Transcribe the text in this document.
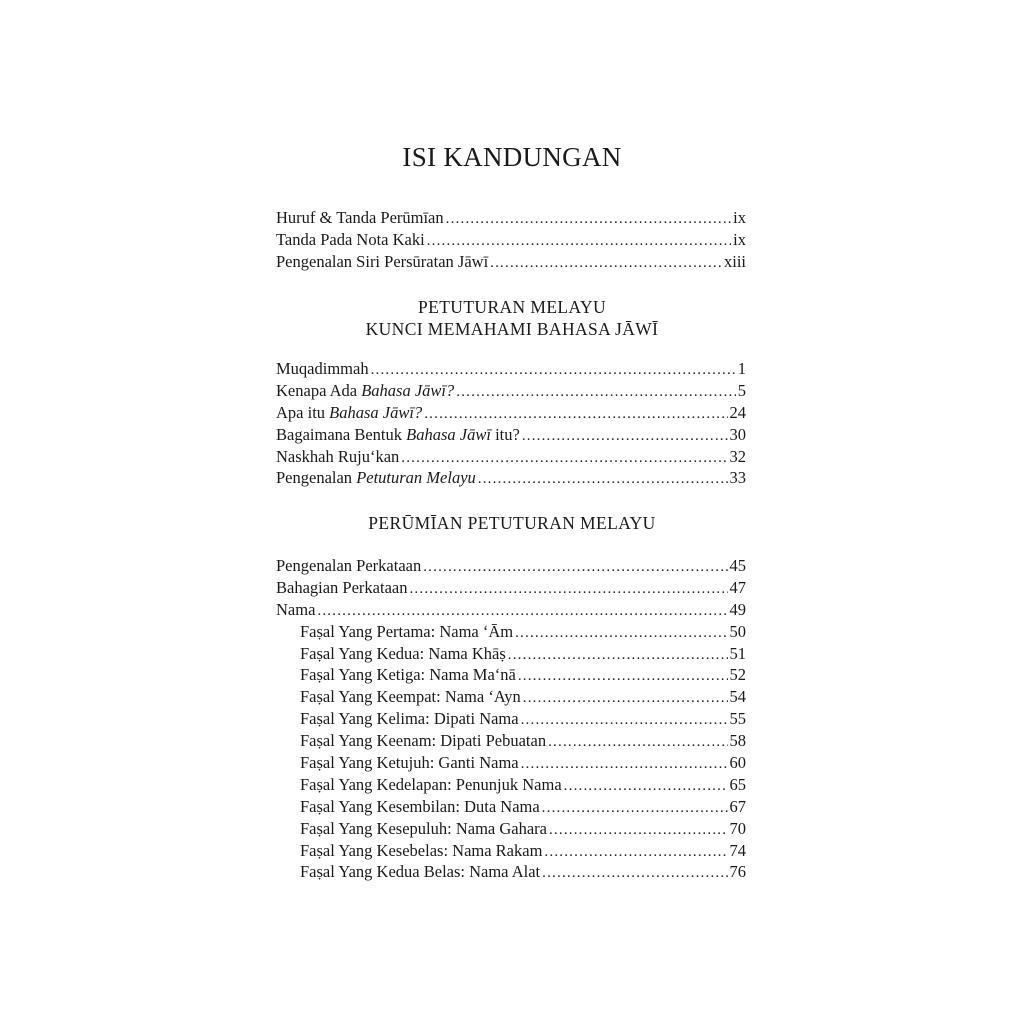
ISI KANDUNGAN
Huruf & Tanda Perūmīan .....	ix
Tanda Pada Nota Kaki .....	ix
Pengenalan Siri Persūratan Jāwī .....	xiii
PETUTURAN MELAYU
KUNCI MEMAHAMI BAHASA JĀWĪ
Muqadimmah .....	1
Kenapa Ada Bahasa Jāwī? .....	5
Apa itu Bahasa Jāwī? .....	24
Bagaimana Bentuk Bahasa Jāwī itu? .....	30
Naskhah Ruju‘kan .....	32
Pengenalan Petuturan Melayu .....	33
PERŪMĪAN PETUTURAN MELAYU
Pengenalan Perkataan .....	45
Bahagian Perkataan .....	47
Nama .....	49
Faṣal Yang Pertama: Nama ‘Ām .....	50
Faṣal Yang Kedua: Nama Khāṣ .....	51
Faṣal Yang Ketiga: Nama Ma‘nā .....	52
Faṣal Yang Keempat: Nama ‘Ayn .....	54
Faṣal Yang Kelima: Dipati Nama .....	55
Faṣal Yang Keenam: Dipati Pebuatan .....	58
Faṣal Yang Ketujuh: Ganti Nama .....	60
Faṣal Yang Kedelapan: Penunjuk Nama .....	65
Faṣal Yang Kesembilan: Duta Nama .....	67
Faṣal Yang Kesepuluh: Nama Gahara .....	70
Faṣal Yang Kesebelas: Nama Rakam .....	74
Faṣal Yang Kedua Belas: Nama Alat .....	76
